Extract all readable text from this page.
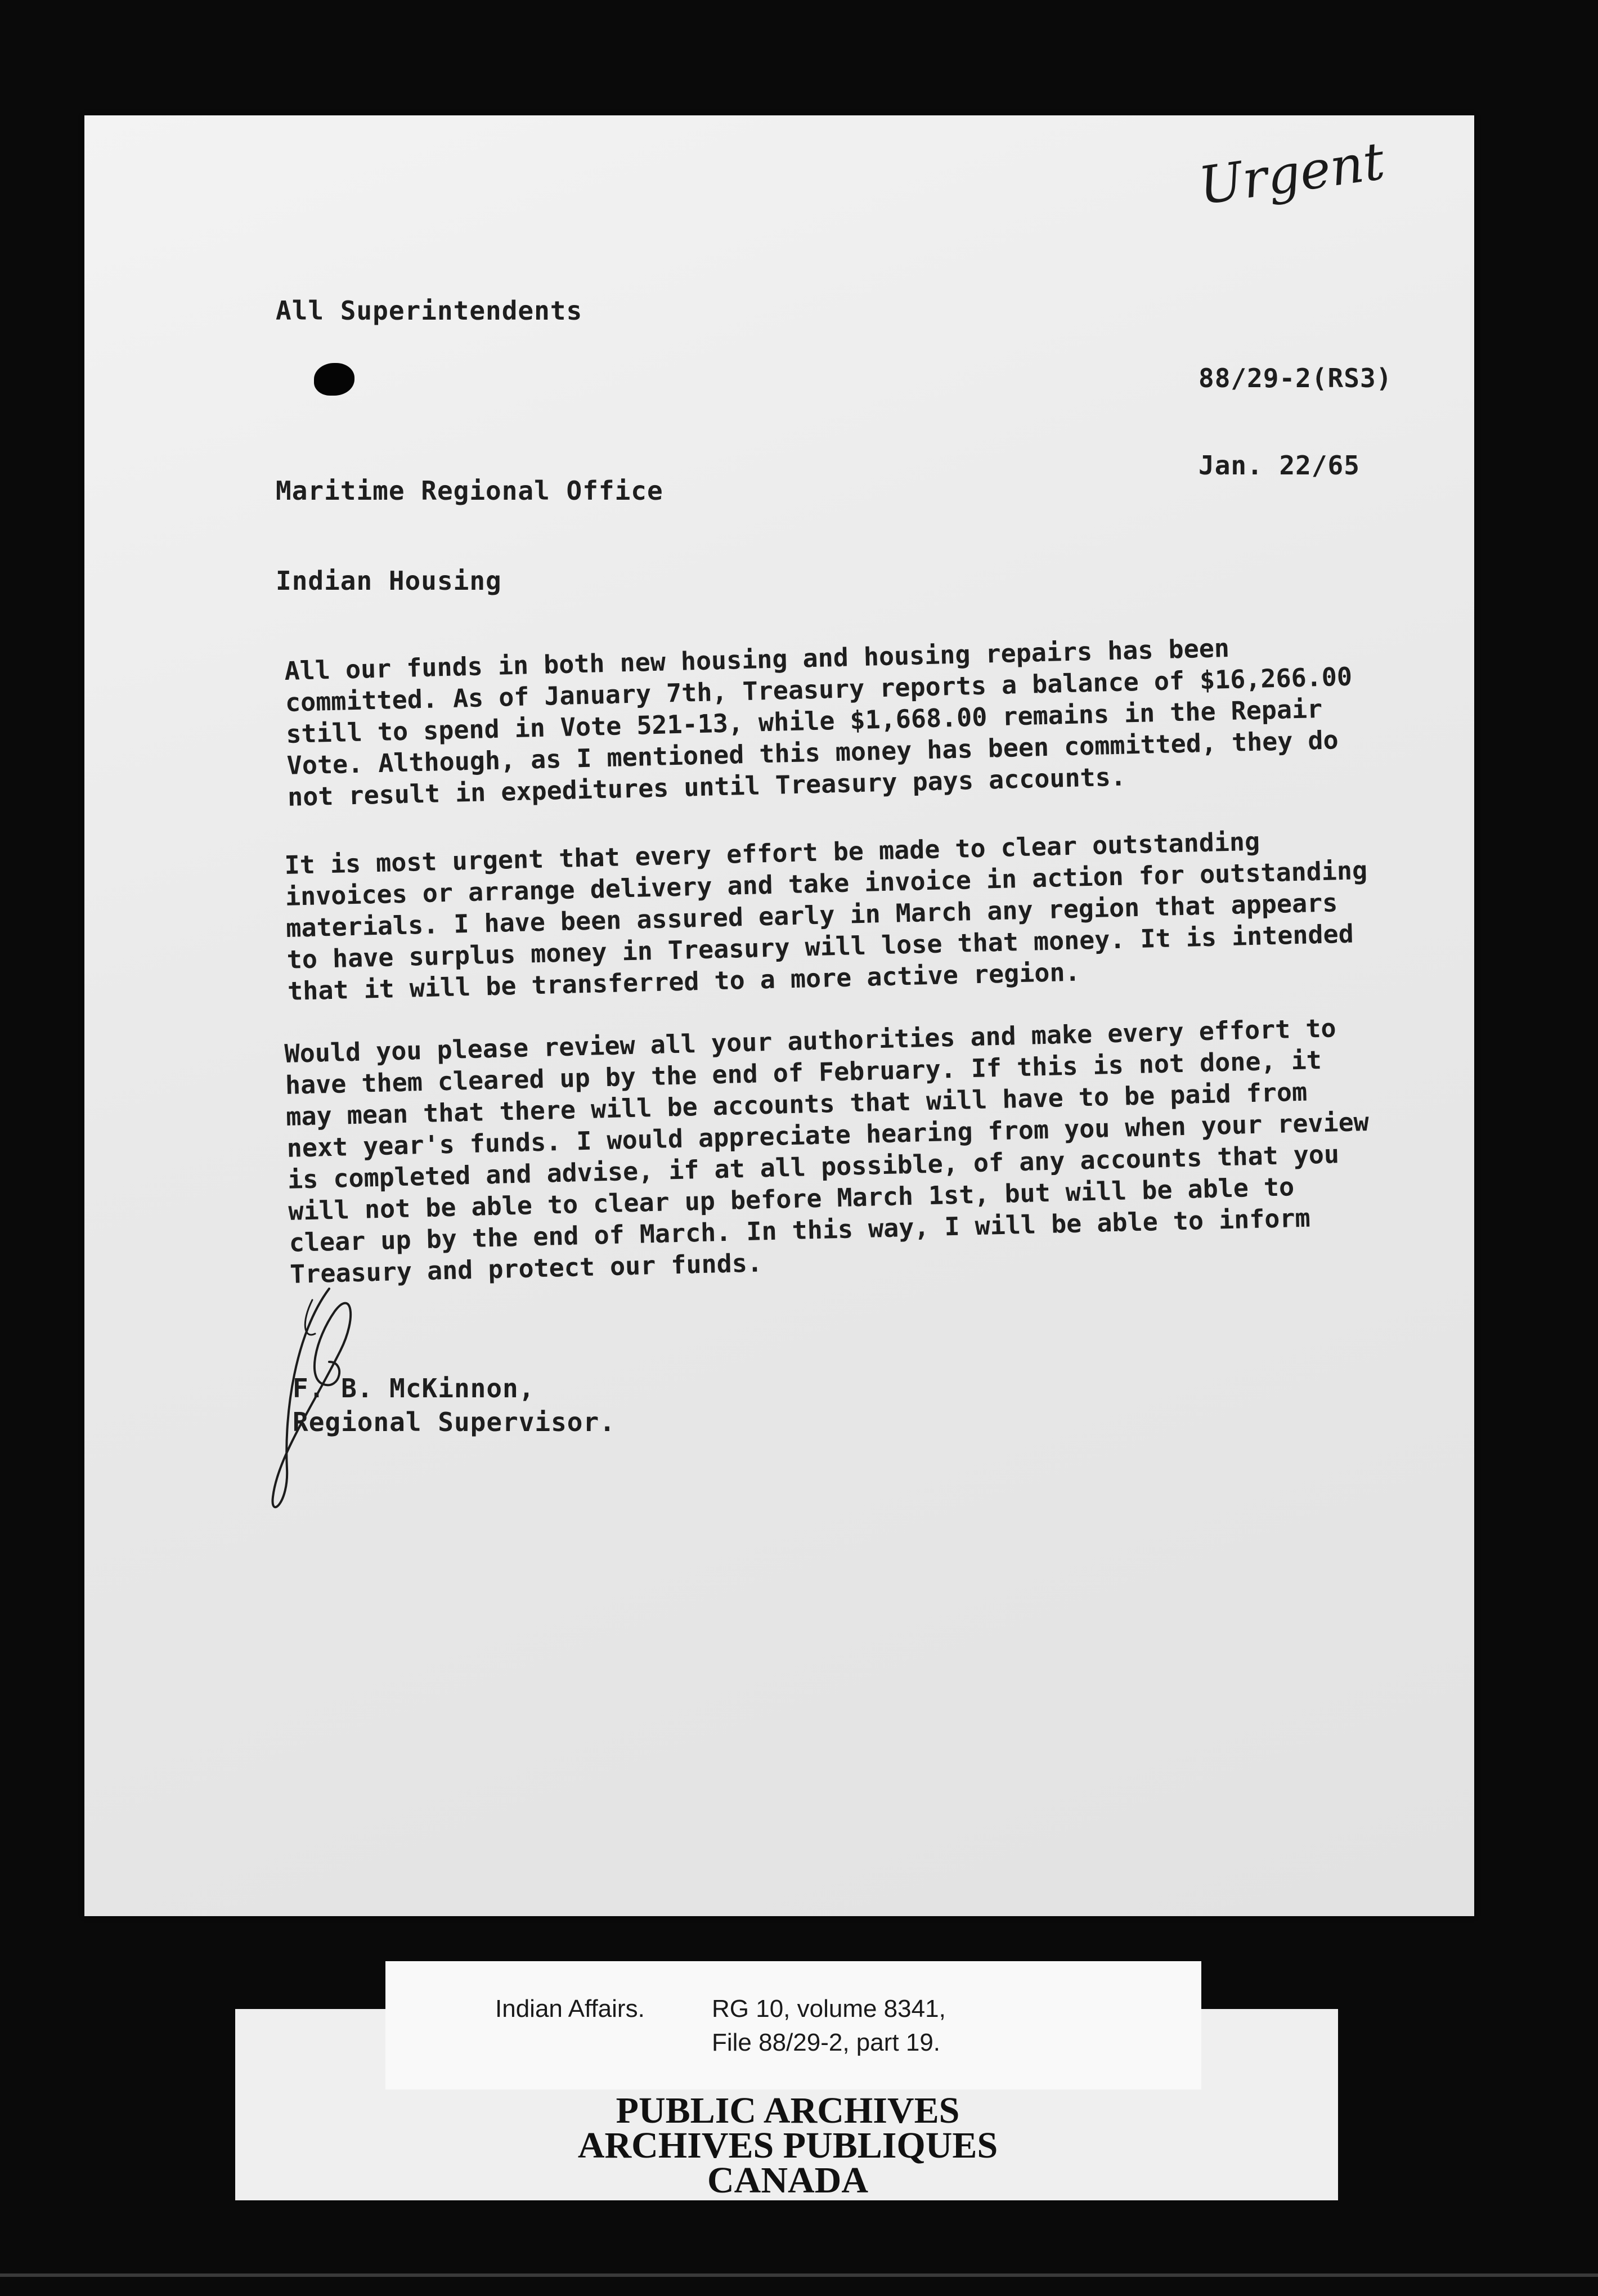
Urgent
All Superintendents
88/29-2(RS3)
Jan. 22/65
Maritime Regional Office
Indian Housing
All our funds in both new housing and housing repairs has been committed. As of January 7th, Treasury reports a balance of $16,266.00 still to spend in Vote 521-13, while $1,668.00 remains in the Repair Vote. Although, as I mentioned this money has been committed, they do not result in expeditures until Treasury pays accounts.
It is most urgent that every effort be made to clear outstanding invoices or arrange delivery and take invoice in action for outstanding materials. I have been assured early in March any region that appears to have surplus money in Treasury will lose that money. It is intended that it will be transferred to a more active region.
Would you please review all your authorities and make every effort to have them cleared up by the end of February. If this is not done, it may mean that there will be accounts that will have to be paid from next year's funds. I would appreciate hearing from you when your review is completed and advise, if at all possible, of any accounts that you will not be able to clear up before March 1st, but will be able to clear up by the end of March. In this way, I will be able to inform Treasury and protect our funds.
F. B. McKinnon,
Regional Supervisor.
Indian Affairs.	RG 10, volume 8341,
File 88/29-2, part 19.
PUBLIC ARCHIVES
ARCHIVES PUBLIQUES
CANADA
